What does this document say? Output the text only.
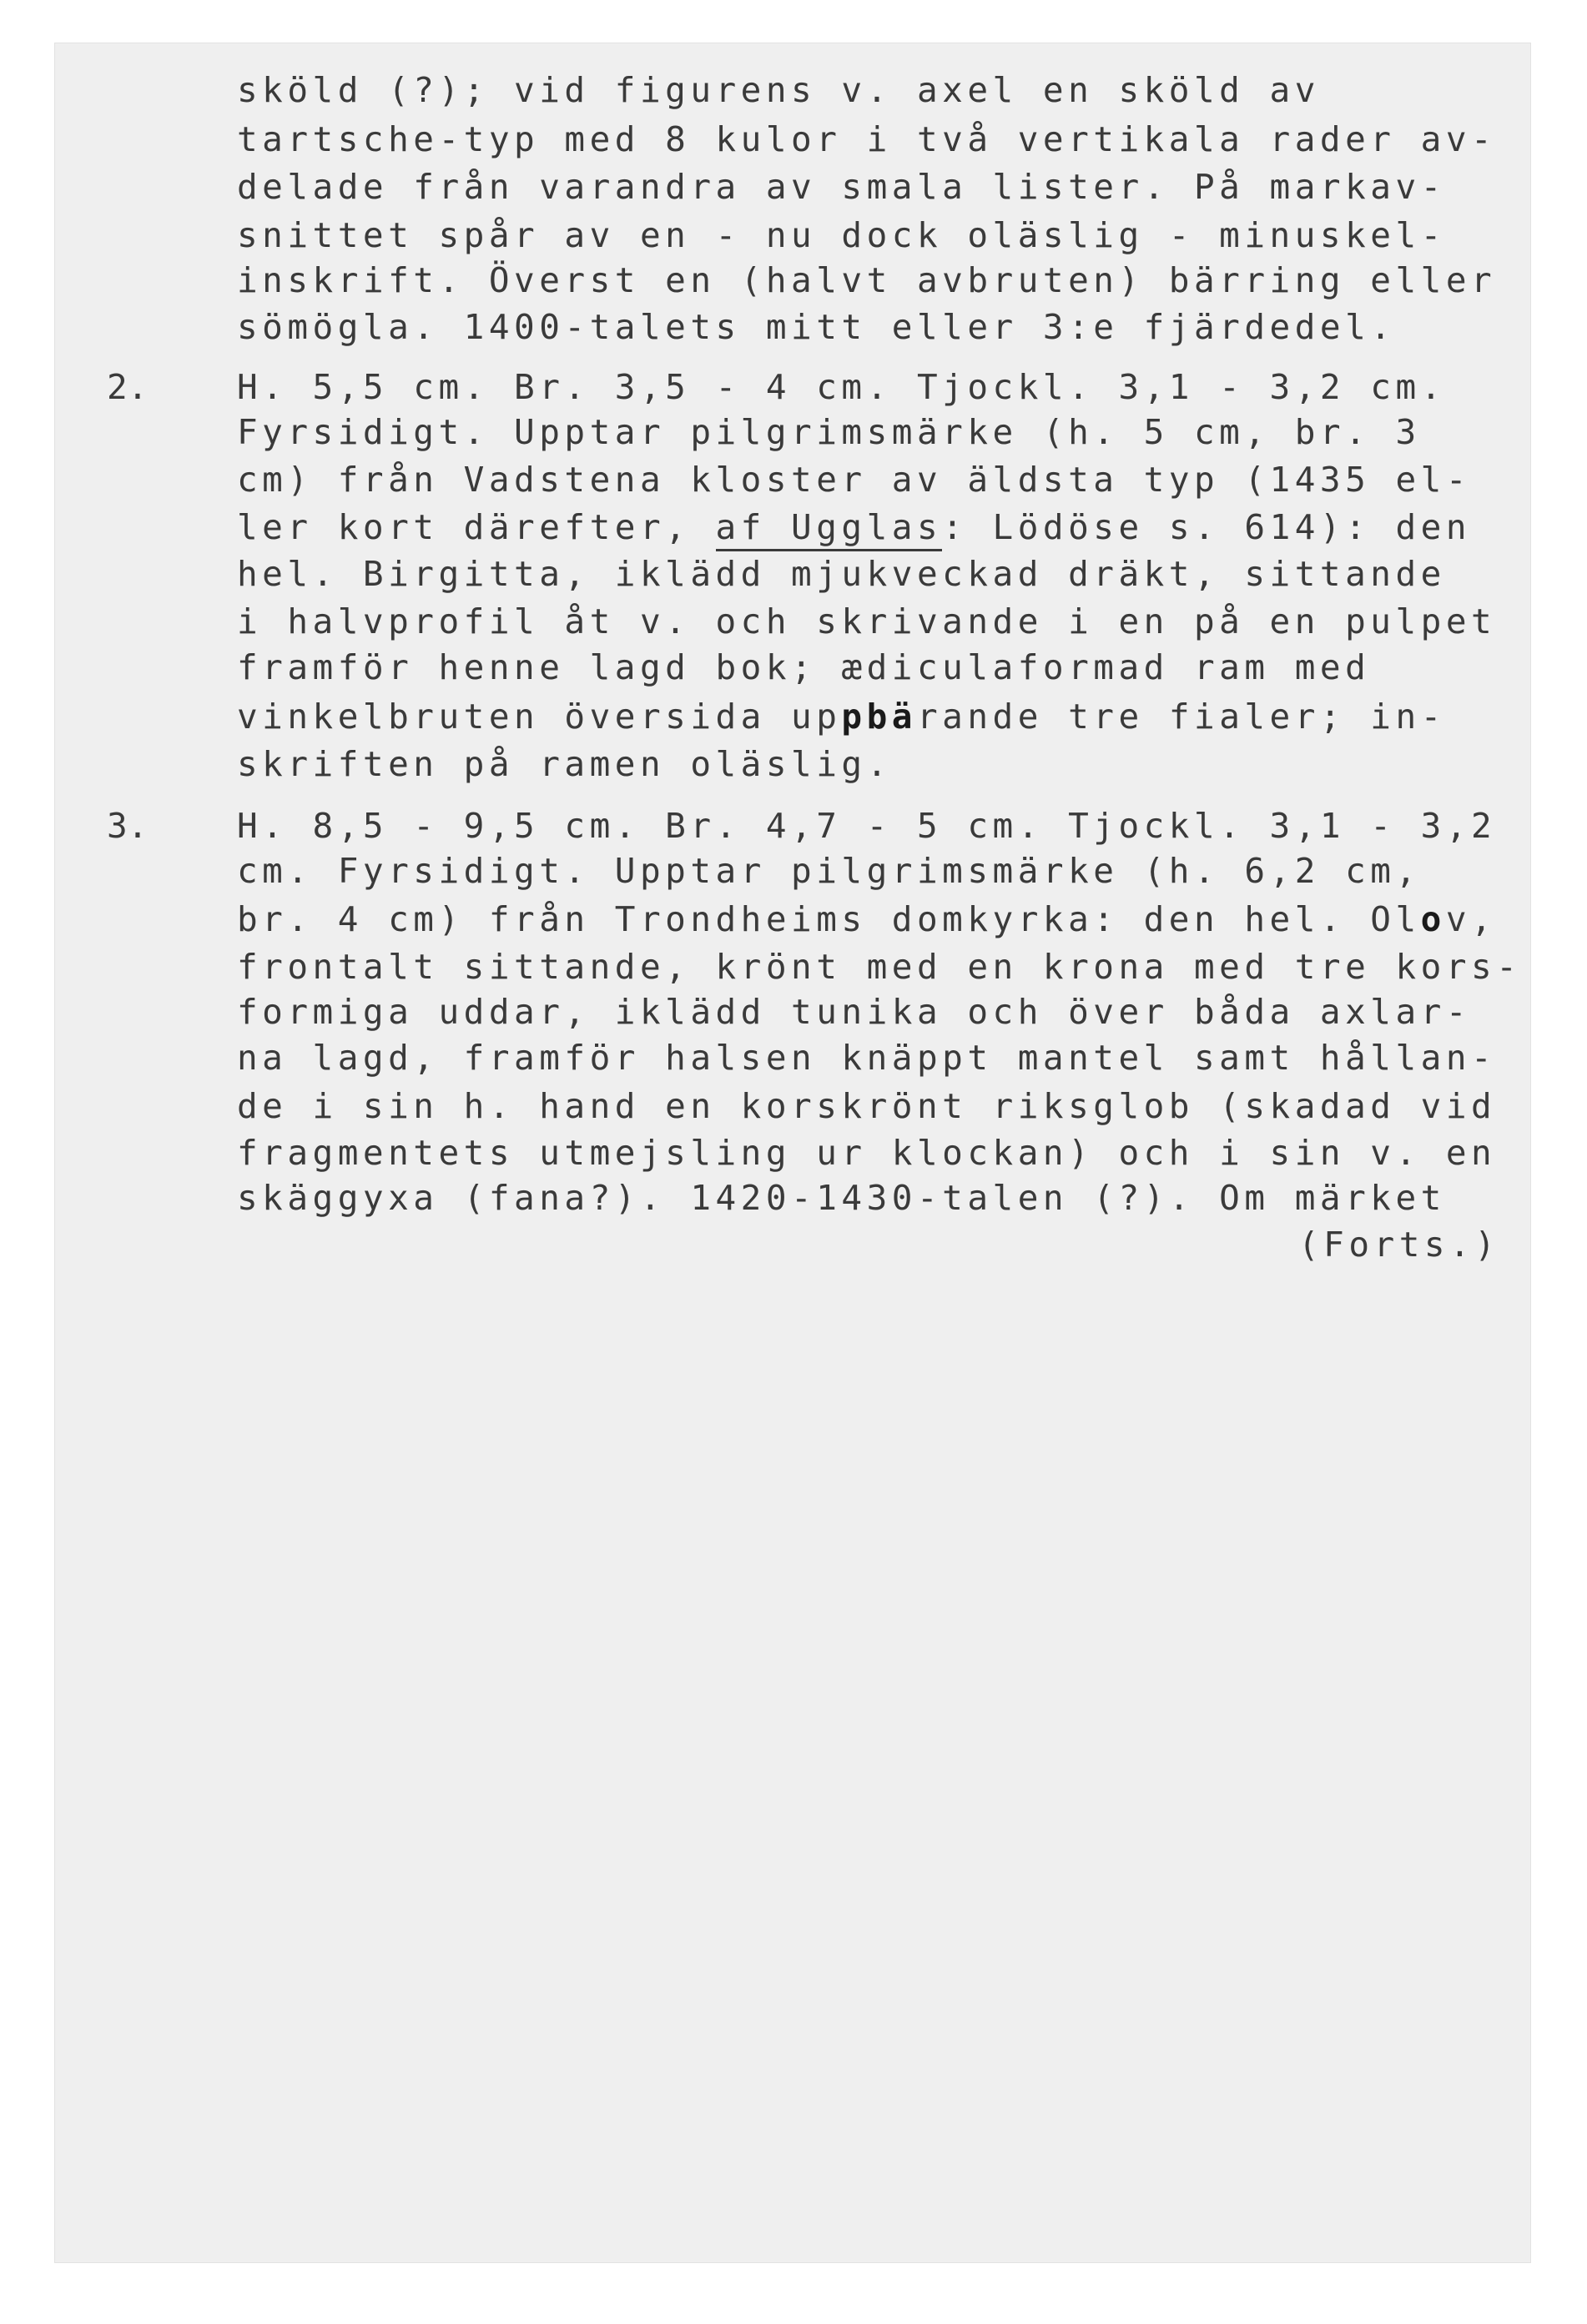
sköld (?); vid figurens v. axel en sköld av
tartsche-typ med 8 kulor i två vertikala rader av-
delade från varandra av smala lister. På markav-
snittet spår av en - nu dock oläslig - minuskel-
inskrift. Överst en (halvt avbruten) bärring eller
sömögla. 1400-talets mitt eller 3:e fjärdedel.
2.	H. 5,5 cm. Br. 3,5 - 4 cm. Tjockl. 3,1 - 3,2 cm.
Fyrsidigt. Upptar pilgrimsmärke (h. 5 cm, br. 3
cm) från Vadstena kloster av äldsta typ (1435 el-
ler kort därefter, af Ugglas: Lödöse s. 614): den
hel. Birgitta, iklädd mjukveckad dräkt, sittande
i halvprofil åt v. och skrivande i en på en pulpet
framför henne lagd bok; ædiculaformad ram med
vinkelbruten översida uppbärande tre fialer; in-
skriften på ramen oläslig.
3.	H. 8,5 - 9,5 cm. Br. 4,7 - 5 cm. Tjockl. 3,1 - 3,2
cm. Fyrsidigt. Upptar pilgrimsmärke (h. 6,2 cm,
br. 4 cm) från Trondheims domkyrka: den hel. Olov,
frontalt sittande, krönt med en krona med tre kors-
formiga uddar, iklädd tunika och över båda axlar-
na lagd, framför halsen knäppt mantel samt hållan-
de i sin h. hand en korskrönt riksglob (skadad vid
fragmentets utmejsling ur klockan) och i sin v. en
skäggyxa (fana?). 1420-1430-talen (?). Om märket
(Forts.)
